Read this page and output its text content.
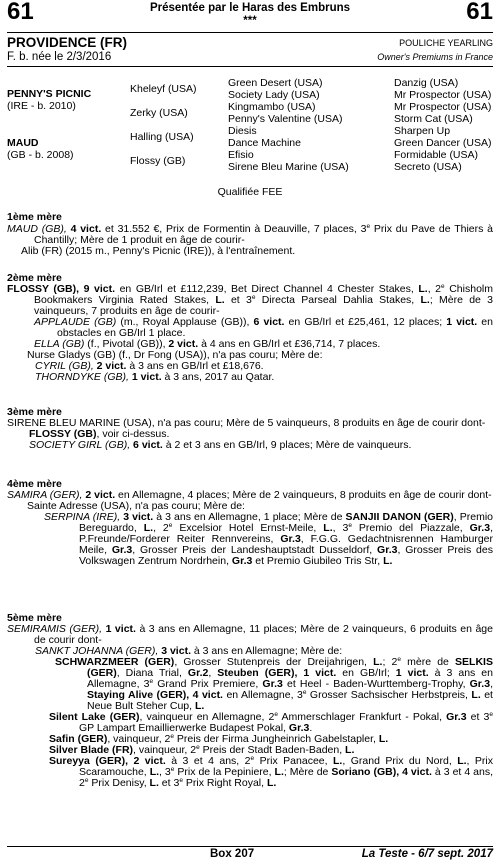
61	61
Présentée par le Haras des Embruns
***
PROVIDENCE (FR)
F. b. née le 2/3/2016
POULICHE YEARLING
Owner's Premiums in France
PENNY'S PICNIC
(IRE - b. 2010)
MAUD
(GB - b. 2008)
Kheleyf (USA)
Zerky (USA)
Halling (USA)
Flossy (GB)
Green Desert (USA)
Society Lady (USA)
Kingmambo (USA)
Penny's Valentine (USA)
Diesis
Dance Machine
Efisio
Sirene Bleu Marine (USA)
Danzig (USA)
Mr Prospector (USA)
Mr Prospector (USA)
Storm Cat (USA)
Sharpen Up
Green Dancer (USA)
Formidable (USA)
Secreto (USA)
Qualifiée FEE
1ème mère

MAUD (GB), 4 vict. et 31.552 €, Prix de Formentin à Deauville, 7 places, 3e Prix du Pave de Thiers à Chantilly; Mère de 1 produit en âge de courir-

Alib (FR) (2015 m., Penny's Picnic (IRE)), à l'entraînement.

2ème mère

FLOSSY (GB), 9 vict. en GB/Irl et £112,239, Bet Direct Channel 4 Chester Stakes, L., 2e Chisholm Bookmakers Virginia Rated Stakes, L. et 3e Directa Parseal Dahlia Stakes, L.; Mère de 3 vainqueurs, 7 produits en âge de courir-

APPLAUDE (GB) (m., Royal Applause (GB)), 6 vict. en GB/Irl et £25,461, 12 places; 1 vict. en obstacles en GB/Irl 1 place.

ELLA (GB) (f., Pivotal (GB)), 2 vict. à 4 ans en GB/Irl et £36,714, 7 places.

Nurse Gladys (GB) (f., Dr Fong (USA)), n'a pas couru; Mère de:

CYRIL (GB), 2 vict. à 3 ans en GB/Irl et £18,676.

THORNDYKE (GB), 1 vict. à 3 ans, 2017 au Qatar.

3ème mère

SIRENE BLEU MARINE (USA), n'a pas couru; Mère de 5 vainqueurs, 8 produits en âge de courir dont-

FLOSSY (GB), voir ci-dessus.

SOCIETY GIRL (GB), 6 vict. à 2 et 3 ans en GB/Irl, 9 places; Mère de vainqueurs.

4ème mère

SAMIRA (GER), 2 vict. en Allemagne, 4 places; Mère de 2 vainqueurs, 8 produits en âge de courir dont-

Sainte Adresse (USA), n'a pas couru; Mère de:

SERPINA (IRE), 3 vict. à 3 ans en Allemagne, 1 place; Mère de SANJII DANON (GER), Premio Bereguardo, L., 2e Excelsior Hotel Ernst-Meile, L., 3e Premio del Piazzale, Gr.3, P.Freunde/Forderer Reiter Rennvereins, Gr.3, F.G.G. Gedachtnisrennen Hamburger Meile, Gr.3, Grosser Preis der Landeshauptstadt Dusseldorf, Gr.3, Grosser Preis des Volkswagen Zentrum Nordrhein, Gr.3 et Premio Giubileo Tris Str, L.

5ème mère

SEMIRAMIS (GER), 1 vict. à 3 ans en Allemagne, 11 places; Mère de 2 vainqueurs, 6 produits en âge de courir dont-

SANKT JOHANNA (GER), 3 vict. à 3 ans en Allemagne; Mère de:

SCHWARZMEER (GER), Grosser Stutenpreis der Dreijahrigen, L.; 2e mère de SELKIS (GER), Diana Trial, Gr.2, Steuben (GER), 1 vict. en GB/Irl; 1 vict. à 3 ans en Allemagne, 3e Grand Prix Premiere, Gr.3 et Heel - Baden-Wurttemberg-Trophy, Gr.3, Staying Alive (GER), 4 vict. en Allemagne, 3e Grosser Sachsischer Herbstpreis, L. et Neue Bult Steher Cup, L.

Silent Lake (GER), vainqueur en Allemagne, 2e Ammerschlager Frankfurt - Pokal, Gr.3 et 3e GP Lampart Emaillierwerke Budapest Pokal, Gr.3.

Safin (GER), vainqueur, 2e Preis der Firma Jungheinrich Gabelstapler, L.

Silver Blade (FR), vainqueur, 2e Preis der Stadt Baden-Baden, L.

Sureyya (GER), 2 vict. à 3 et 4 ans, 2e Prix Panacee, L., Grand Prix du Nord, L., Prix Scaramouche, L., 3e Prix de la Pepiniere, L.; Mère de Soriano (GB), 4 vict. à 3 et 4 ans, 2e Prix Denisy, L. et 3e Prix Right Royal, L.

Box 207	La Teste - 6/7 sept. 2017
